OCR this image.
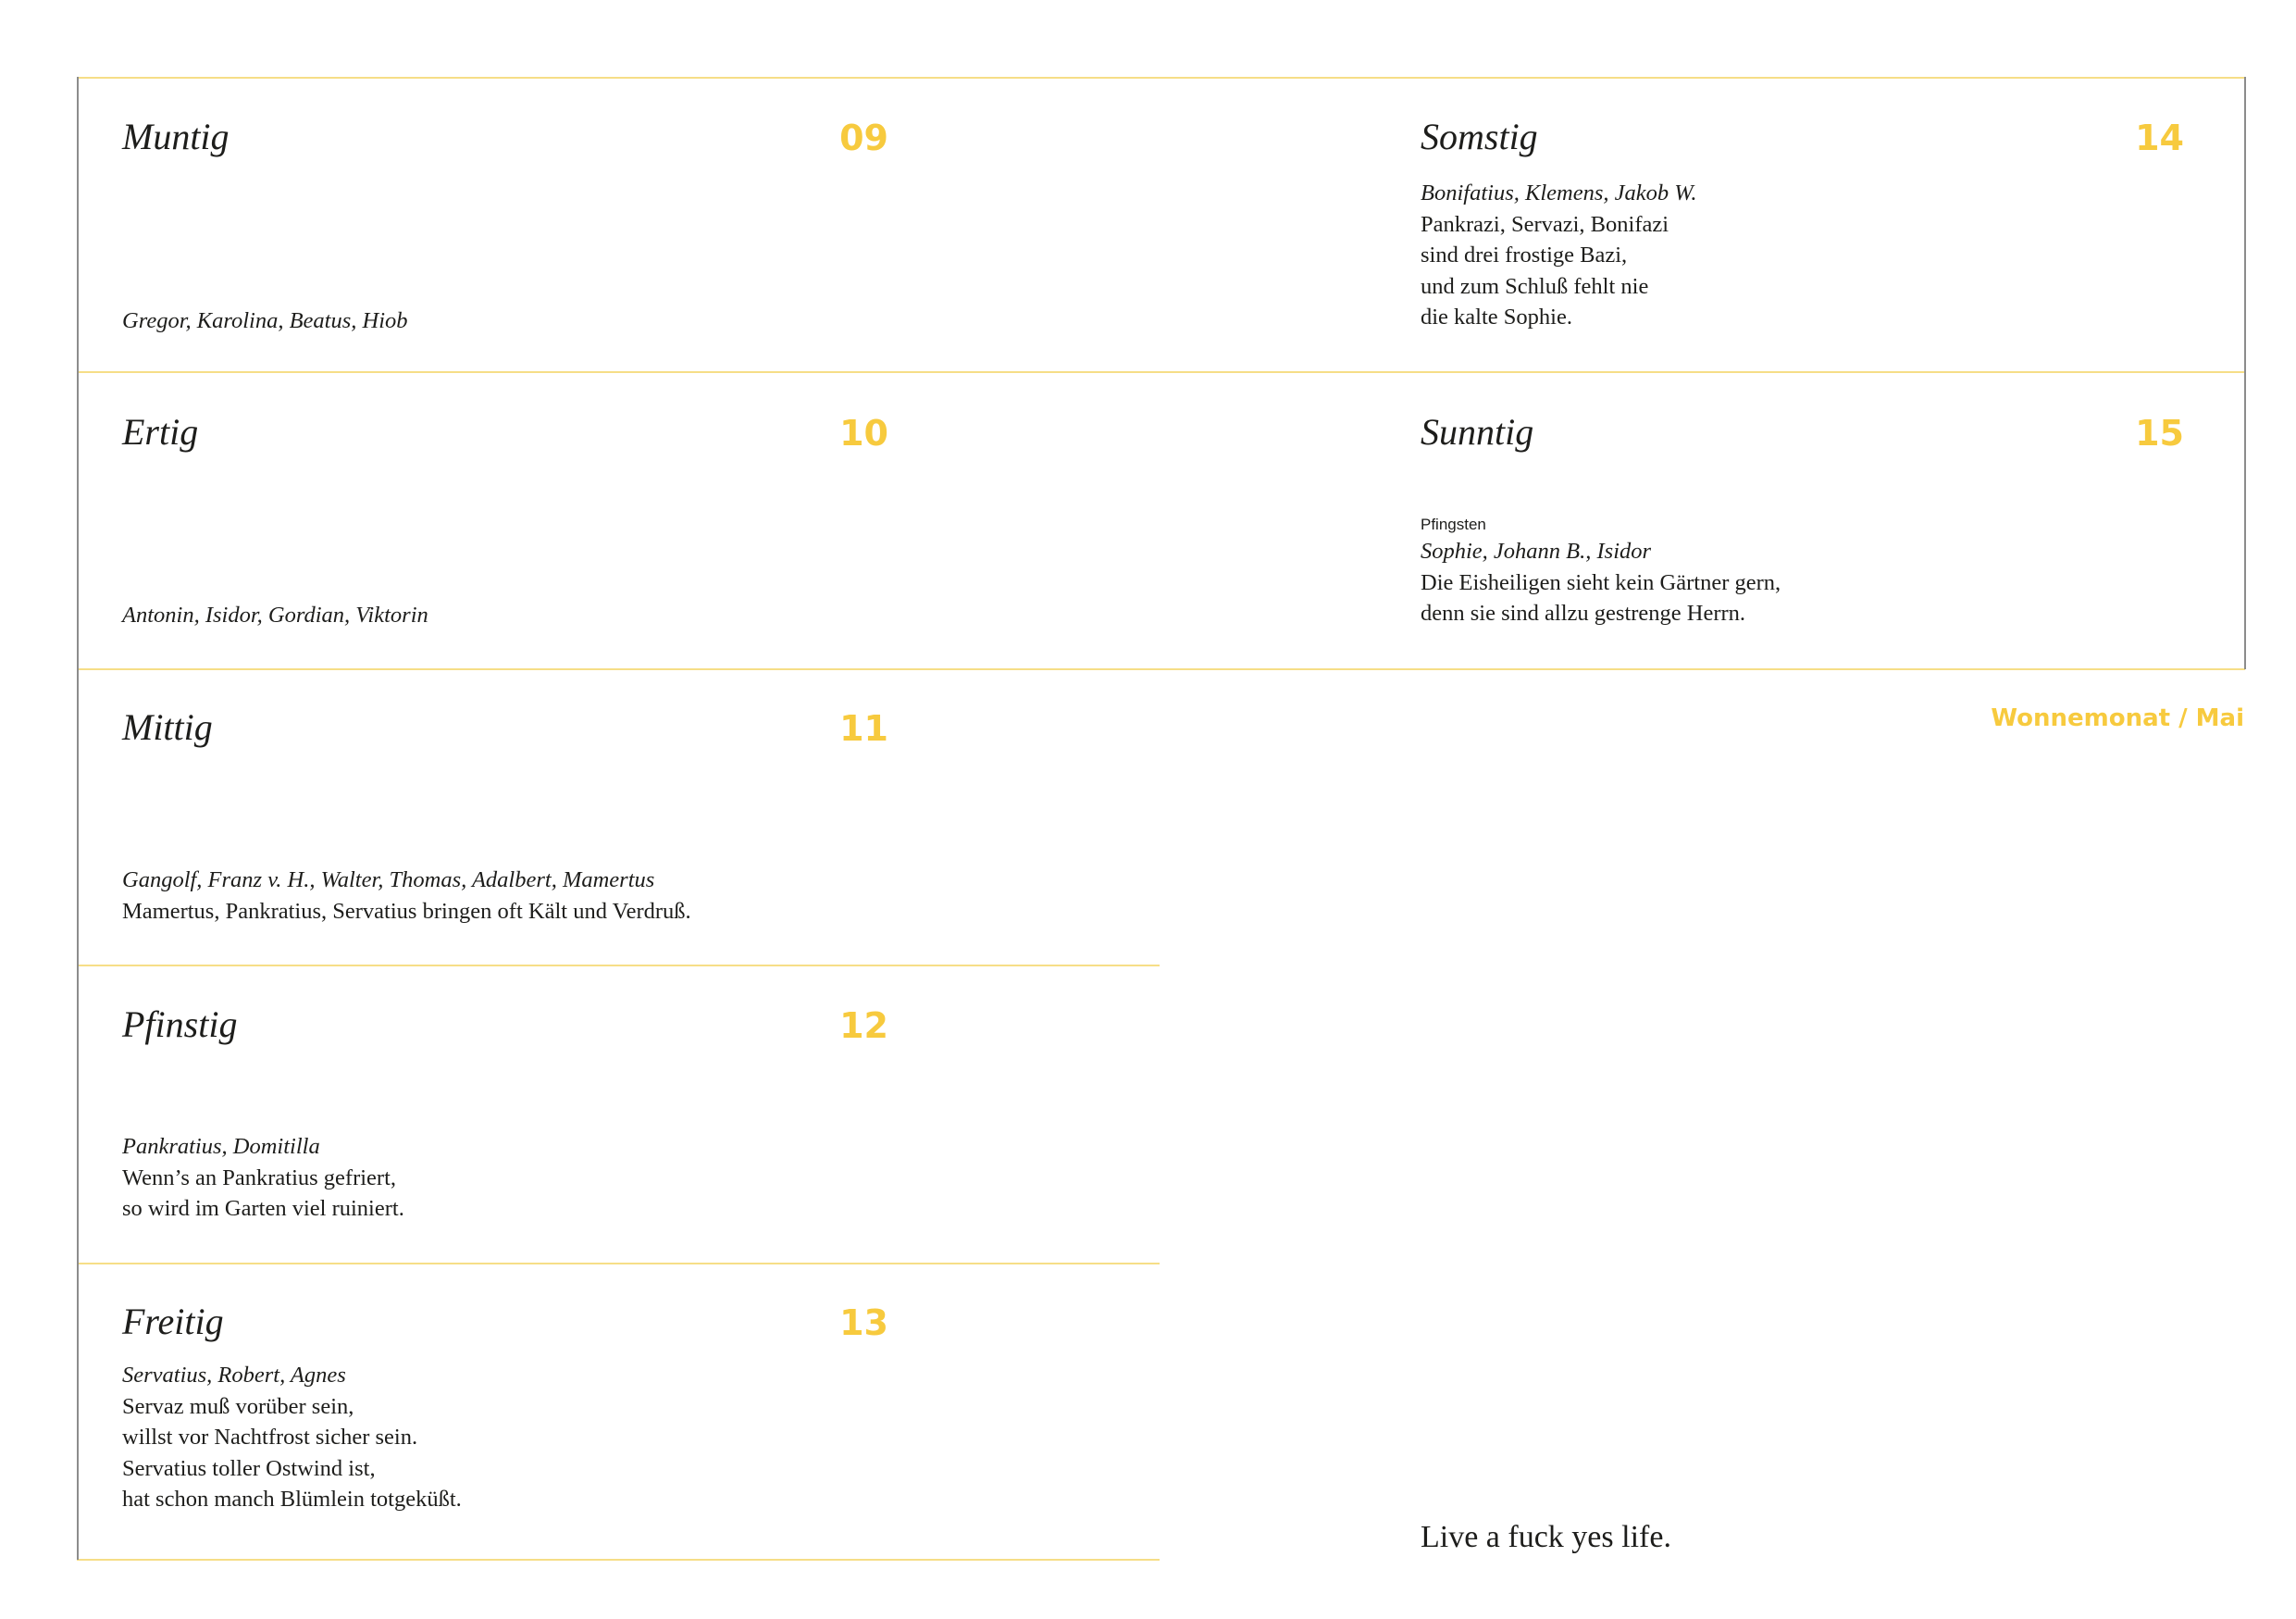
Muntig	09
Gregor, Karolina, Beatus, Hiob
Ertig	10
Antonin, Isidor, Gordian, Viktorin
Mittig	11
Gangolf, Franz v. H., Walter, Thomas, Adalbert, Mamertus
Mamertus, Pankratius, Servatius bringen oft Kält und Verdruß.
Pfinstig	12
Pankratius, Domitilla
Wenn’s an Pankratius gefriert,
so wird im Garten viel ruiniert.
Freitig	13
Servatius, Robert, Agnes
Servaz muß vorüber sein,
willst vor Nachtfrost sicher sein.
Servatius toller Ostwind ist,
hat schon manch Blümlein totgeküßt.
Somstig	14
Bonifatius, Klemens, Jakob W.
Pankrazi, Servazi, Bonifazi
sind drei frostige Bazi,
und zum Schluß fehlt nie
die kalte Sophie.
Sunntig	15
Pfingsten
Sophie, Johann B., Isidor
Die Eisheiligen sieht kein Gärtner gern,
denn sie sind allzu gestrenge Herrn.
Wonnemonat / Mai
Live a fuck yes life.
